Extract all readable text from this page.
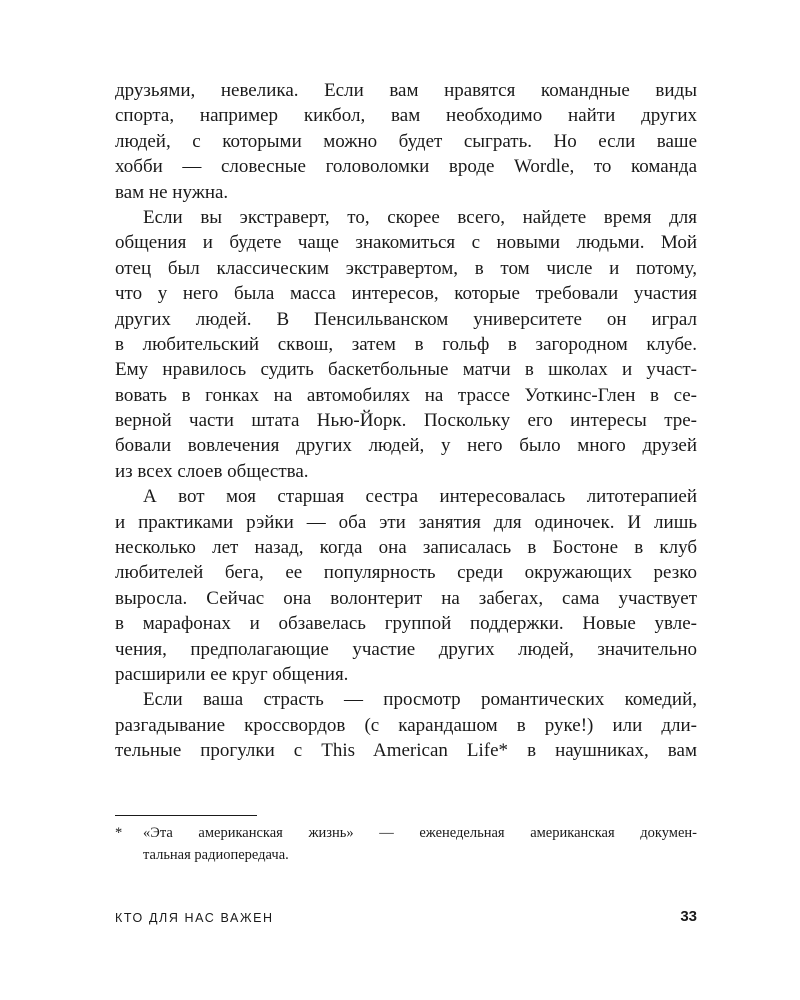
друзьями, невелика. Если вам нравятся командные виды
спорта, например кикбол, вам необходимо найти других
людей, с которыми можно будет сыграть. Но если ваше
хобби — словесные головоломки вроде Wordle, то команда
вам не нужна.
Если вы экстраверт, то, скорее всего, найдете время для
общения и будете чаще знакомиться с новыми людьми. Мой
отец был классическим экстравертом, в том числе и потому,
что у него была масса интересов, которые требовали участия
других людей. В Пенсильванском университете он играл
в любительский сквош, затем в гольф в загородном клубе.
Ему нравилось судить баскетбольные матчи в школах и участ-
вовать в гонках на автомобилях на трассе Уоткинс-Глен в се-
верной части штата Нью-Йорк. Поскольку его интересы тре-
бовали вовлечения других людей, у него было много друзей
из всех слоев общества.
А вот моя старшая сестра интересовалась литотерапией
и практиками рэйки — оба эти занятия для одиночек. И лишь
несколько лет назад, когда она записалась в Бостоне в клуб
любителей бега, ее популярность среди окружающих резко
выросла. Сейчас она волонтерит на забегах, сама участвует
в марафонах и обзавелась группой поддержки. Новые увле-
чения, предполагающие участие других людей, значительно
расширили ее круг общения.
Если ваша страсть — просмотр романтических комедий,
разгадывание кроссвордов (с карандашом в руке!) или дли-
тельные прогулки с This American Life* в наушниках, вам
*	«Эта американская жизнь» — еженедельная американская докумен-
тальная радиопередача.
КТО ДЛЯ НАС ВАЖЕН	33
